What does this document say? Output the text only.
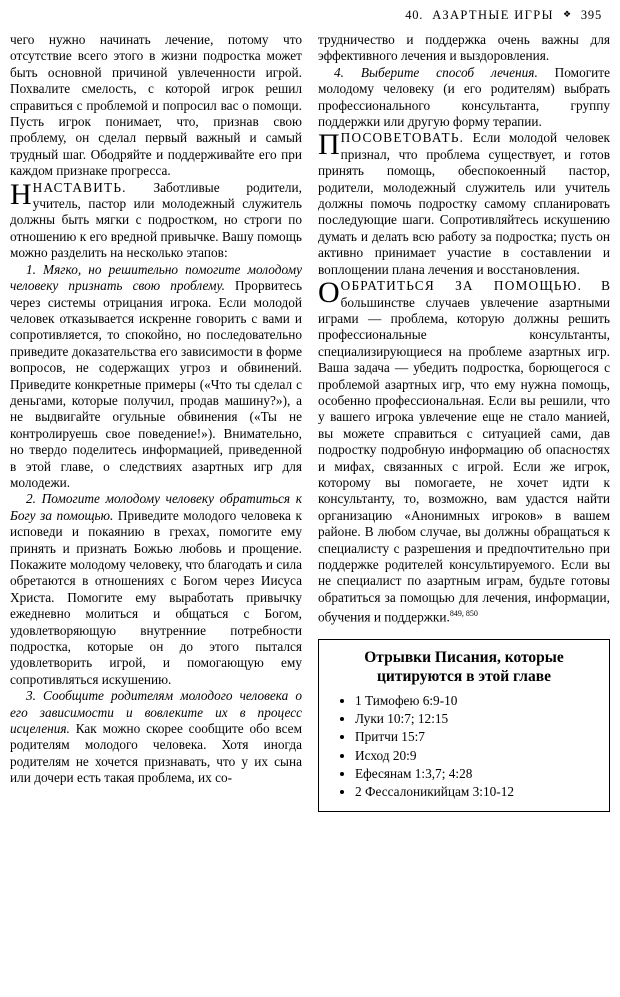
40. АЗАРТНЫЕ ИГРЫ ❖ 395

чего нужно начинать лечение, потому что отсутствие всего этого в жизни подростка может быть основной причиной увлеченности игрой. Похвалите смелость, с которой игрок решил справиться с проблемой и попросил вас о помощи. Пусть игрок понимает, что, признав свою проблему, он сделал первый важный и самый трудный шаг. Ободряйте и поддерживайте его при каждом признаке прогресса.

ННАСТАВИТЬ. Заботливые родители, учитель, пастор или молодежный служитель должны быть мягки с подростком, но строги по отношению к его вредной привычке. Вашу помощь можно разделить на несколько этапов:

1. Мягко, но решительно помогите молодому человеку признать свою проблему. Прорвитесь через системы отрицания игрока. Если молодой человек отказывается искренне говорить с вами и сопротивляется, то спокойно, но последовательно приведите доказательства его зависимости в форме вопросов, не содержащих угроз и обвинений. Приведите конкретные примеры («Что ты сделал с деньгами, которые получил, продав машину?»), а не выдвигайте огульные обвинения («Ты не контролируешь свое поведение!»). Внимательно, но твердо поделитесь информацией, приведенной в этой главе, о следствиях азартных игр для молодежи.

2. Помогите молодому человеку обратиться к Богу за помощью. Приведите молодого человека к исповеди и покаянию в грехах, помогите ему принять и признать Божью любовь и прощение. Покажите молодому человеку, что благодать и сила обретаются в отношениях с Богом через Иисуса Христа. Помогите ему выработать привычку ежедневно молиться и общаться с Богом, удовлетворяющую внутренние потребности подростка, которые он до этого пытался удовлетворить игрой, и помогающую ему сопротивляться искушению.

3. Сообщите родителям молодого человека о его зависимости и вовлеките их в процесс исцеления. Как можно скорее сообщите обо всем родителям молодого человека. Хотя иногда родителям не хочется признавать, что у их сына или дочери есть такая проблема, их со-

трудничество и поддержка очень важны для эффективного лечения и выздоровления.

4. Выберите способ лечения. Помогите молодому человеку (и его родителям) выбрать профессионального консультанта, группу поддержки или другую форму терапии.

ППОСОВЕТОВАТЬ. Если молодой человек признал, что проблема существует, и готов принять помощь, обеспокоенный пастор, родители, молодежный служитель или учитель должны помочь подростку самому спланировать последующие шаги. Сопротивляйтесь искушению думать и делать всю работу за подростка; пусть он активно принимает участие в составлении и воплощении плана лечения и восстановления.

ООБРАТИТЬСЯ ЗА ПОМОЩЬЮ. В большинстве случаев увлечение азартными играми — проблема, которую должны решить профессиональные консультанты, специализирующиеся на проблеме азартных игр. Ваша задача — убедить подростка, борющегося с проблемой азартных игр, что ему нужна помощь, особенно профессиональная. Если вы решили, что у вашего игрока увлечение еще не стало манией, вы можете справиться с ситуацией сами, дав подростку подробную информацию об опасностях и мифах, связанных с игрой. Если же игрок, которому вы помогаете, не хочет идти к консультанту, то, возможно, вам удастся найти организацию «Анонимных игроков» в вашем районе. В любом случае, вы должны обращаться к специалисту с разрешения и предпочтительно при поддержке родителей консультируемого. Если вы не специалист по азартным играм, будьте готовы обратиться за помощью для лечения, информации, обучения и поддержки.$^{849, 850}$

Отрывки Писания, которые цитируются в этой главе
• 1 Тимофею 6:9-10
• Луки 10:7; 12:15
• Притчи 15:7
• Исход 20:9
• Ефесянам 1:3,7; 4:28
• 2 Фессалоникийцам 3:10-12
